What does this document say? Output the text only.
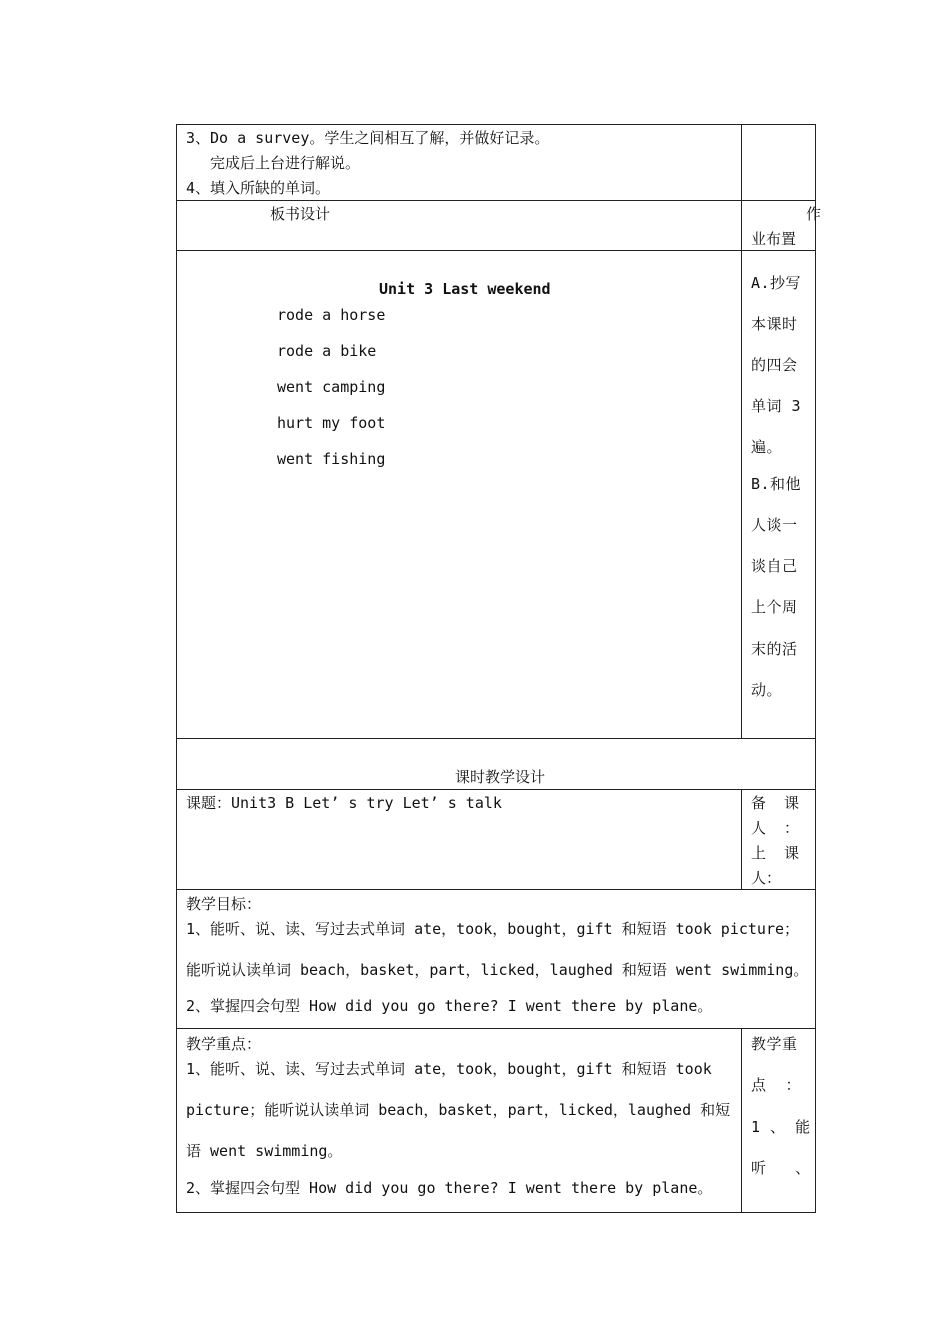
3、Do a survey。学生之间相互了解，并做好记录。
完成后上台进行解说。
4、填入所缺的单词。
板书设计	作
业布置
Unit 3 Last weekend
rode a horse
rode a bike
went camping
hurt my foot
went fishing
A.抄写
本课时
的四会
单词 3
遍。
B.和他
人谈一
谈自己
上个周
末的活
动。
课时教学设计
课题：Unit3 B Let’ s try Let’ s talk	备  课
人  ：
上  课
人：
教学目标：
1、能听、说、读、写过去式单词 ate，took，bought，gift 和短语 took picture；
能听说认读单词 beach，basket，part，licked，laughed 和短语 went swimming。
2、掌握四会句型 How did you go there? I went there by plane。
教学重点：
1、能听、说、读、写过去式单词 ate，took，bought，gift 和短语 took
picture；能听说认读单词 beach，basket，part，licked，laughed 和短
语 went swimming。
2、掌握四会句型 How did you go there? I went there by plane。
教学重
点  ：
1 、 能
听   、
